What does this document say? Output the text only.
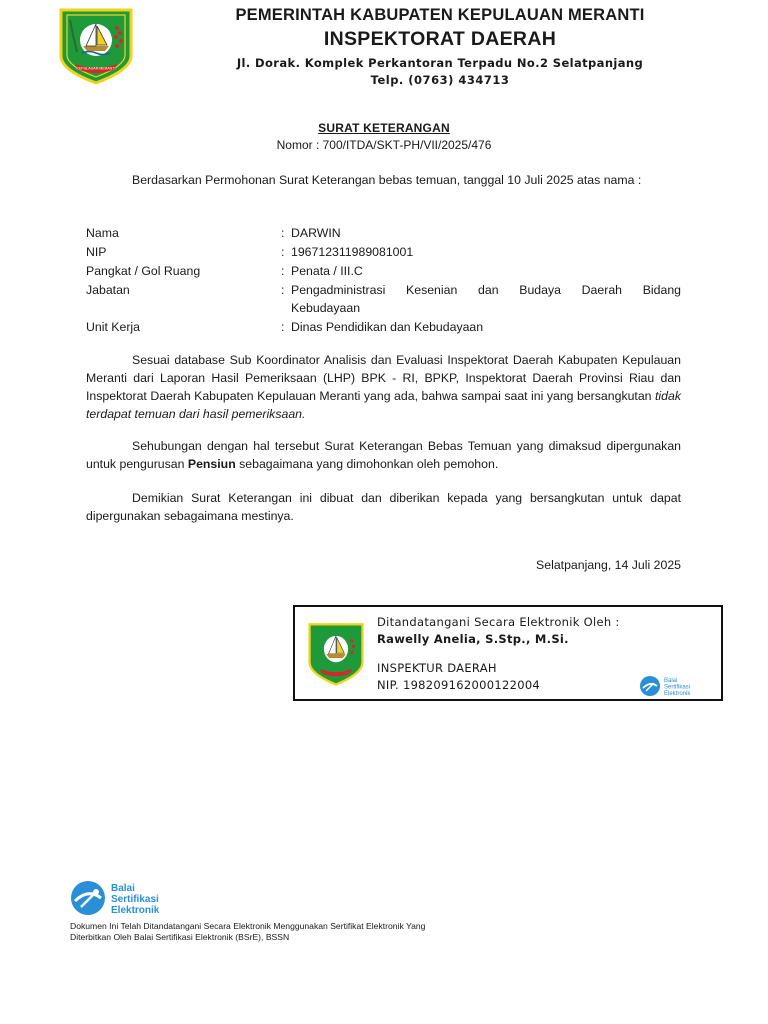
KEPULAUAN MERANTI
PEMERINTAH KABUPATEN KEPULAUAN MERANTI
INSPEKTORAT DAERAH
Jl. Dorak. Komplek Perkantoran Terpadu No.2 Selatpanjang
Telp. (0763) 434713
SURAT KETERANGAN
Nomor : 700/ITDA/SKT-PH/VII/2025/476
Berdasarkan Permohonan Surat Keterangan bebas temuan, tanggal 10 Juli 2025 atas nama :
Nama	: DARWIN
NIP	: 196712311989081001
Pangkat / Gol Ruang	: Penata / III.C
Jabatan	: Pengadministrasi Kesenian dan Budaya Daerah Bidang
Kebudayaan
Unit Kerja	: Dinas Pendidikan dan Kebudayaan
Sesuai database Sub Koordinator Analisis dan Evaluasi Inspektorat Daerah Kabupaten Kepulauan Meranti dari Laporan Hasil Pemeriksaan (LHP) BPK - RI, BPKP, Inspektorat Daerah Provinsi Riau dan Inspektorat Daerah Kabupaten Kepulauan Meranti yang ada, bahwa sampai saat ini yang bersangkutan tidak terdapat temuan dari hasil pemeriksaan.
Sehubungan dengan hal tersebut Surat Keterangan Bebas Temuan yang dimaksud dipergunakan untuk pengurusan Pensiun sebagaimana yang dimohonkan oleh pemohon.
Demikian Surat Keterangan ini dibuat dan diberikan kepada yang bersangkutan untuk dapat dipergunakan sebagaimana mestinya.
Selatpanjang, 14 Juli 2025
Ditandatangani Secara Elektronik Oleh :
Rawelly Anelia, S.Stp., M.Si.
INSPEKTUR DAERAH
NIP. 198209162000122004	Balai
Sertifikasi
Elektronik
Balai
Sertifikasi
Elektronik
Dokumen Ini Telah Ditandatangani Secara Elektronik Menggunakan Sertifikat Elektronik Yang
Diterbitkan Oleh Balai Sertifikasi Elektronik (BSrE), BSSN
